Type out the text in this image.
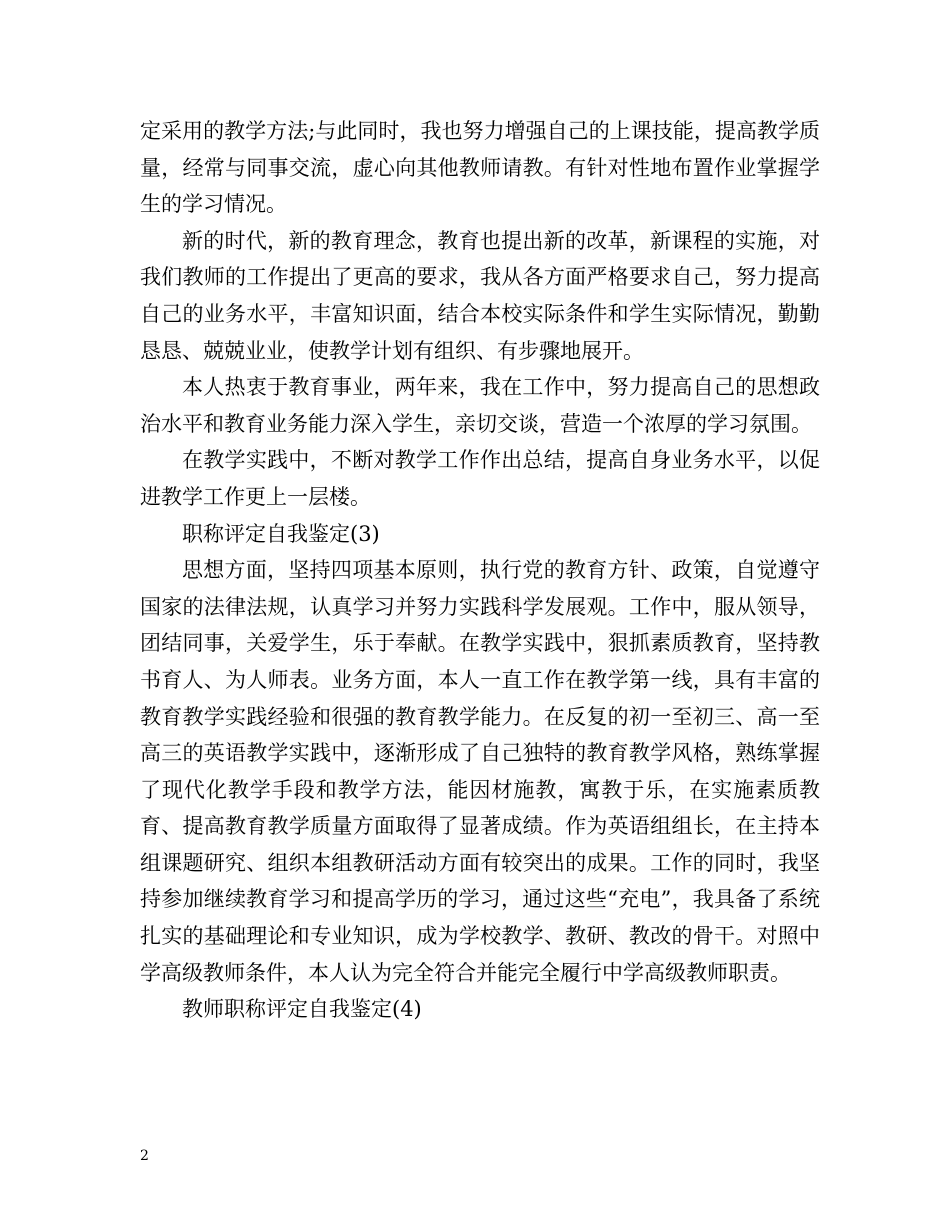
定采用的教学方法;与此同时，我也努力增强自己的上课技能，提高教学质量，经常与同事交流，虚心向其他教师请教。有针对性地布置作业掌握学生的学习情况。

新的时代，新的教育理念，教育也提出新的改革，新课程的实施，对我们教师的工作提出了更高的要求，我从各方面严格要求自己，努力提高自己的业务水平，丰富知识面，结合本校实际条件和学生实际情况，勤勤恳恳、兢兢业业，使教学计划有组织、有步骤地展开。

本人热衷于教育事业，两年来，我在工作中，努力提高自己的思想政治水平和教育业务能力深入学生，亲切交谈，营造一个浓厚的学习氛围。

在教学实践中，不断对教学工作作出总结，提高自身业务水平，以促进教学工作更上一层楼。

职称评定自我鉴定(3)

思想方面，坚持四项基本原则，执行党的教育方针、政策，自觉遵守国家的法律法规，认真学习并努力实践科学发展观。工作中，服从领导，团结同事，关爱学生，乐于奉献。在教学实践中，狠抓素质教育，坚持教书育人、为人师表。业务方面，本人一直工作在教学第一线，具有丰富的教育教学实践经验和很强的教育教学能力。在反复的初一至初三、高一至高三的英语教学实践中，逐渐形成了自己独特的教育教学风格，熟练掌握了现代化教学手段和教学方法，能因材施教，寓教于乐，在实施素质教育、提高教育教学质量方面取得了显著成绩。作为英语组组长，在主持本组课题研究、组织本组教研活动方面有较突出的成果。工作的同时，我坚持参加继续教育学习和提高学历的学习，通过这些“充电”，我具备了系统扎实的基础理论和专业知识，成为学校教学、教研、教改的骨干。对照中学高级教师条件，本人认为完全符合并能完全履行中学高级教师职责。

教师职称评定自我鉴定(4)

2
